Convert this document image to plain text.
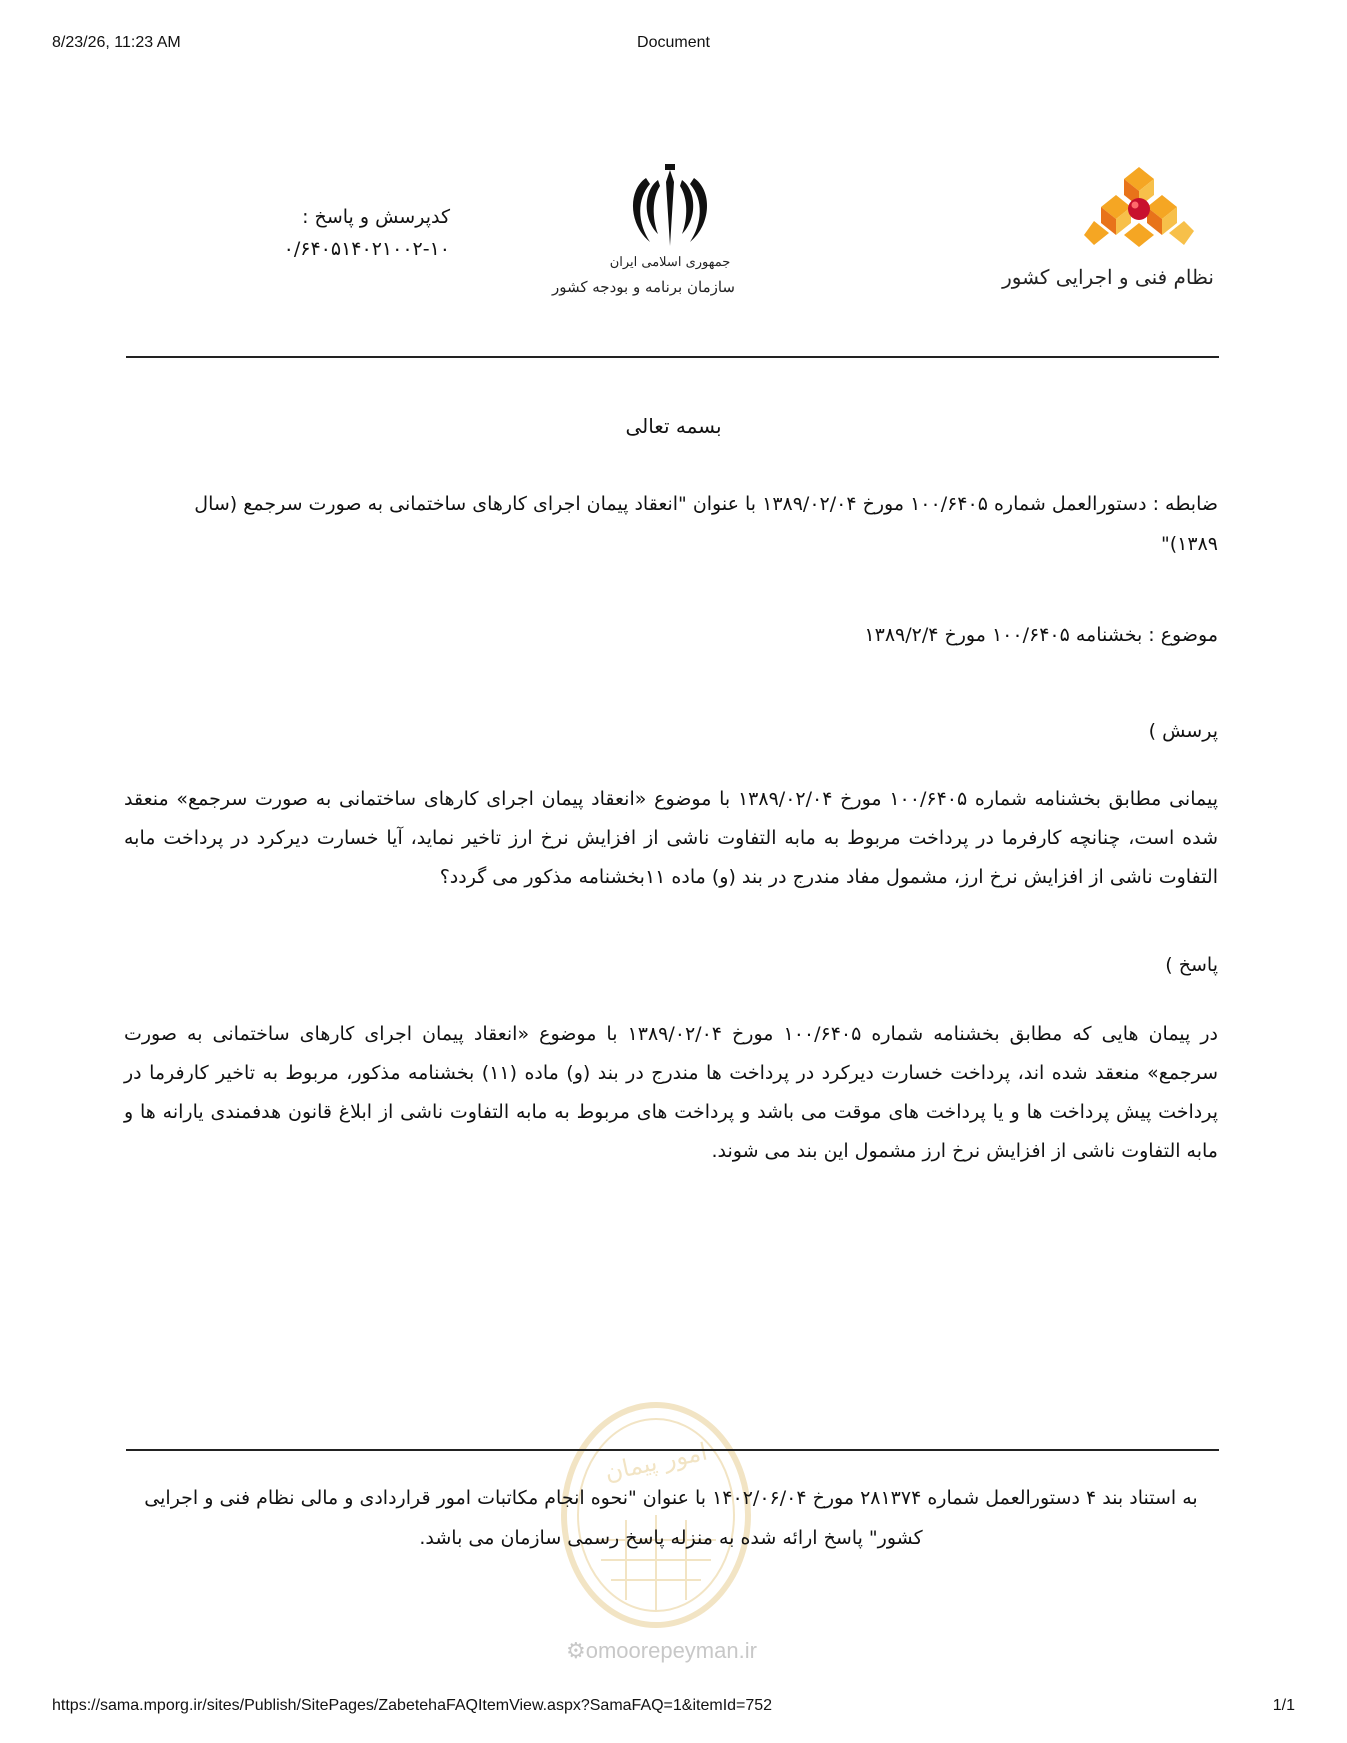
8/23/26, 11:23 AM	Document
نظام فنی و اجرایی کشور
جمهوری اسلامی ایران
سازمان برنامه و بودجه کشور
کدپرسش و پاسخ :
۰/۶۴۰۵۱۴۰۲۱۰۰۲-۱۰
بسمه تعالی
ضابطه : دستورالعمل شماره ۱۰۰/۶۴۰۵ مورخ ۱۳۸۹/۰۲/۰۴ با عنوان "انعقاد پیمان اجرای کارهای ساختمانی به صورت سرجمع (سال ۱۳۸۹)"
موضوع : بخشنامه ۱۰۰/۶۴۰۵ مورخ ۱۳۸۹/۲/۴
پرسش )
پیمانی مطابق بخشنامه شماره ۱۰۰/۶۴۰۵ مورخ ۱۳۸۹/۰۲/۰۴ با موضوع «انعقاد پیمان اجرای کارهای ساختمانی به صورت سرجمع» منعقد شده است، چنانچه کارفرما در پرداخت مربوط به مابه التفاوت ناشی از افزایش نرخ ارز تاخیر نماید، آیا خسارت دیرکرد در پرداخت مابه التفاوت ناشی از افزایش نرخ ارز، مشمول مفاد مندرج در بند (و) ماده ۱۱بخشنامه مذکور می گردد؟
پاسخ )
در پیمان هایی که مطابق بخشنامه شماره ۱۰۰/۶۴۰۵ مورخ ۱۳۸۹/۰۲/۰۴ با موضوع «انعقاد پیمان اجرای کارهای ساختمانی به صورت سرجمع» منعقد شده اند، پرداخت خسارت دیرکرد در پرداخت ها مندرج در بند (و) ماده (۱۱) بخشنامه مذکور، مربوط به تاخیر کارفرما در پرداخت پیش پرداخت ها و یا پرداخت های موقت می باشد و پرداخت های مربوط به مابه التفاوت ناشی از ابلاغ قانون هدفمندی یارانه ها و مابه التفاوت ناشی از افزایش نرخ ارز مشمول این بند می شوند.
امور پیمان
به استناد بند ۴ دستورالعمل شماره ۲۸۱۳۷۴ مورخ ۱۴۰۲/۰۶/۰۴ با عنوان "نحوه انجام مکاتبات امور قراردادی و مالی نظام فنی و اجرایی کشور" پاسخ ارائه شده به منزله پاسخ رسمی سازمان می باشد.
⚙omoorepeyman.ir
https://sama.mporg.ir/sites/Publish/SitePages/ZabetehaFAQItemView.aspx?SamaFAQ=1&itemId=752	1/1
